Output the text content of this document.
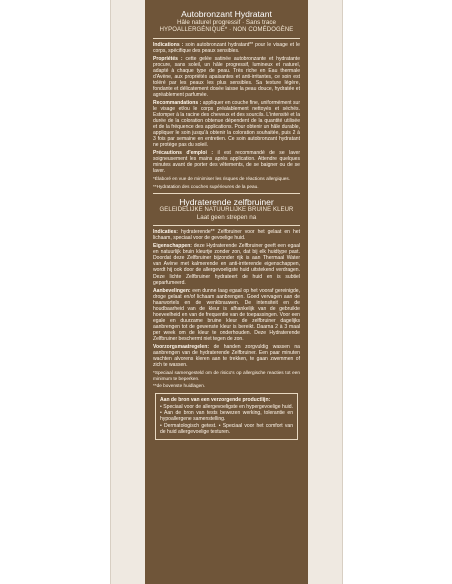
Autobronzant Hydratant
Hâle naturel progressif · Sans trace
HYPOALLERGÉNIQUE* · NON COMÉDOGÈNE

Indications : soin autobronzant hydratant** pour le visage et le corps, spécifique des peaux sensibles.

Propriétés : cette gelée satinée autobronzante et hydratante procure, sans soleil, un hâle progressif, lumineux et naturel, adapté à chaque type de peau. Très riche en Eau thermale d'Avène, aux propriétés apaisantes et anti-irritantes, ce soin est toléré par les peaux les plus sensibles. Sa texture légère, fondante et délicatement dosée laisse la peau douce, hydratée et agréablement parfumée.

Recommandations : appliquer en couche fine, uniformément sur le visage et/ou le corps préalablement nettoyés et séchés. Estomper à la racine des cheveux et des sourcils. L'intensité et la durée de la coloration obtenue dépendent de la quantité utilisée et de la fréquence des applications. Pour obtenir un hâle durable, appliquer le soin jusqu'à obtenir la coloration souhaitée, puis 2 à 3 fois par semaine en entretien. Ce soin autobronzant hydratant ne protège pas du soleil.

Précautions d'emploi : il est recommandé de se laver soigneusement les mains après application. Attendre quelques minutes avant de porter des vêtements, de se baigner ou de se laver.

*Élaboré en vue de minimiser les risques de réactions allergiques.

**Hydratation des couches supérieures de la peau.

Hydraterende zelfbruiner
GELEIDELIJKE NATUURLIJKE BRUINE KLEUR
Laat geen strepen na

Indicaties: hydraterende** Zelfbruiner voor het gelaat en het lichaam, speciaal voor de gevoelige huid.

Eigenschappen: deze Hydraterende Zelfbruiner geeft een egaal en natuurlijk bruin kleurtje zonder zon, dat bij elk huidtype past. Doordat deze Zelfbruiner bijzonder rijk is aan Thermaal Water van Avène met kalmerende en anti-irriterende eigenschappen, wordt hij ook door de allergevoeligste huid uitstekend verdragen. Deze lichte Zelfbruiner hydrateert de huid en is subtiel geparfumeerd.

Aanbevelingen: een dunne laag egaal op het vooraf gereinigde, droge gelaat en/of lichaam aanbrengen. Goed vervagen aan de haarwortels en de wenkbrauwen. De intensiteit en de houdbaarheid van de kleur is afhankelijk van de gebruikte hoeveelheid en van de frequentie van de toepassingen. Voor een egale en duurzame bruine kleur de zelfbruiner dagelijks aanbrengen tot de gewenste kleur is bereikt. Daarna 2 à 3 maal per week om de kleur te onderhouden. Deze Hydraterende Zelfbruiner beschermt niet tegen de zon.

Voorzorgsmaatregelen: de handen zorgvuldig wassen na aanbrengen van de hydraterende Zelfbruiner. Een paar minuten wachten alvorens kleren aan te trekken, te gaan zwemmen of zich te wassen.

*Speciaal samengesteld om de risico's op allergische reacties tot een minimum te beperken.

**de bovenste huidlagen.

Aan de bron van een verzorgende productlijn:

• Speciaal voor de allergevoeligste en hypergevoelige huid. • Aan de bron van tests bewezen werking, tolerantie en hypoallergene samenstelling.

• Dermatologisch getest. • Speciaal voor het comfort van de huid allergevoelige texturen.
